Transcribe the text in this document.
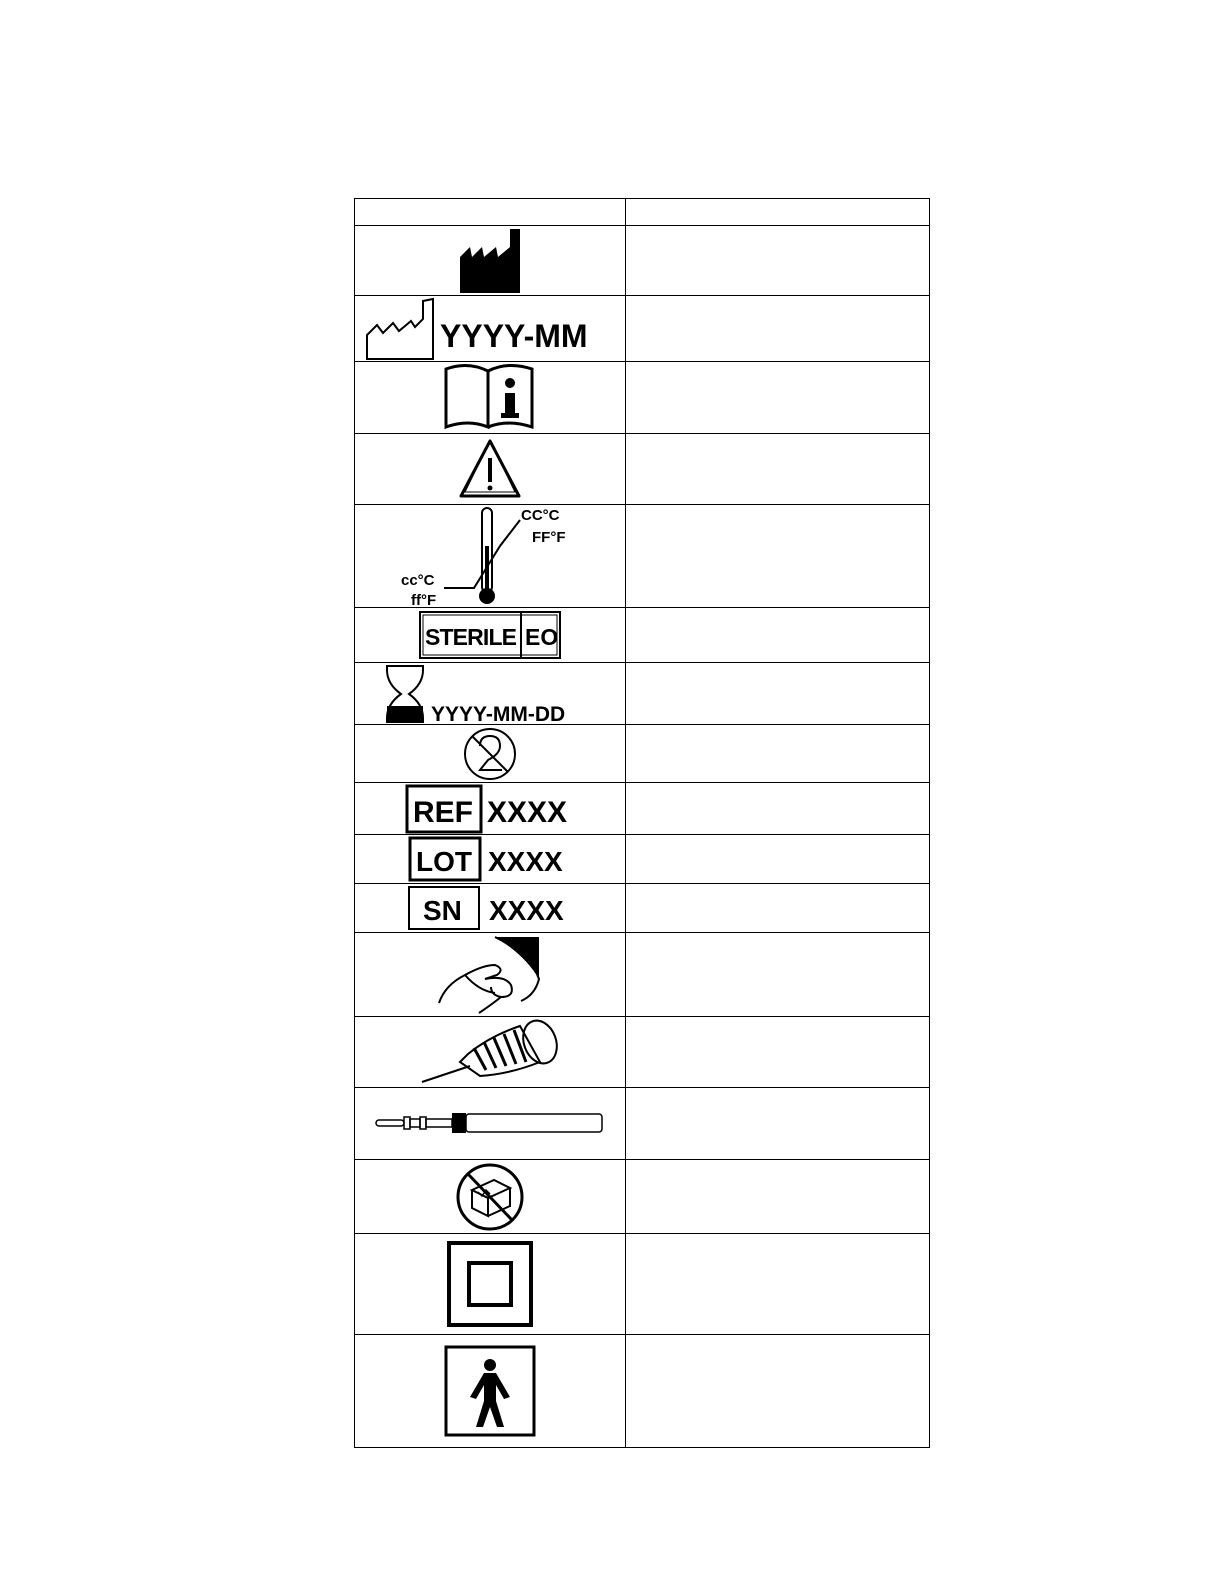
YYYY-MM	

CC°C
FF°F
cc°C
ff°F	

STERILE EO	

YYYY-MM-DD	

REF XXXX	

LOT XXXX	

SN XXXX	
